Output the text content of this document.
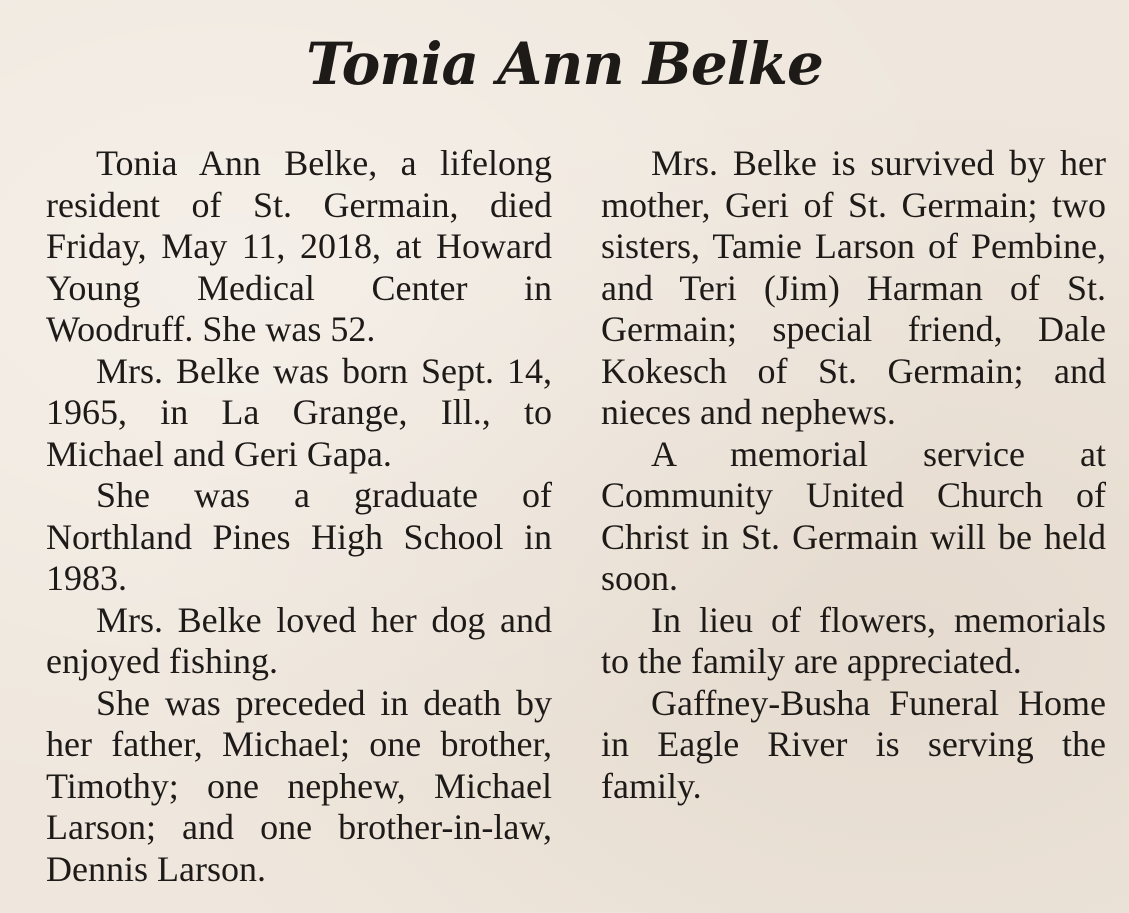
Tonia Ann Belke

Tonia Ann Belke, a lifelong resident of St. Germain, died Friday, May 11, 2018, at Howard Young Medical Center in Woodruff. She was 52.

Mrs. Belke was born Sept. 14, 1965, in La Grange, Ill., to Michael and Geri Gapa.

She was a graduate of Northland Pines High School in 1983.

Mrs. Belke loved her dog and enjoyed fishing.

She was preceded in death by her father, Michael; one brother, Timothy; one nephew, Michael Larson; and one brother-in-law, Dennis Larson.

Mrs. Belke is survived by her mother, Geri of St. Germain; two sisters, Tamie Larson of Pembine, and Teri (Jim) Harman of St. Germain; special friend, Dale Kokesch of St. Germain; and nieces and nephews.

A memorial service at Community United Church of Christ in St. Germain will be held soon.

In lieu of flowers, memorials to the family are appreciated.

Gaffney-Busha Funeral Home in Eagle River is serving the family.
